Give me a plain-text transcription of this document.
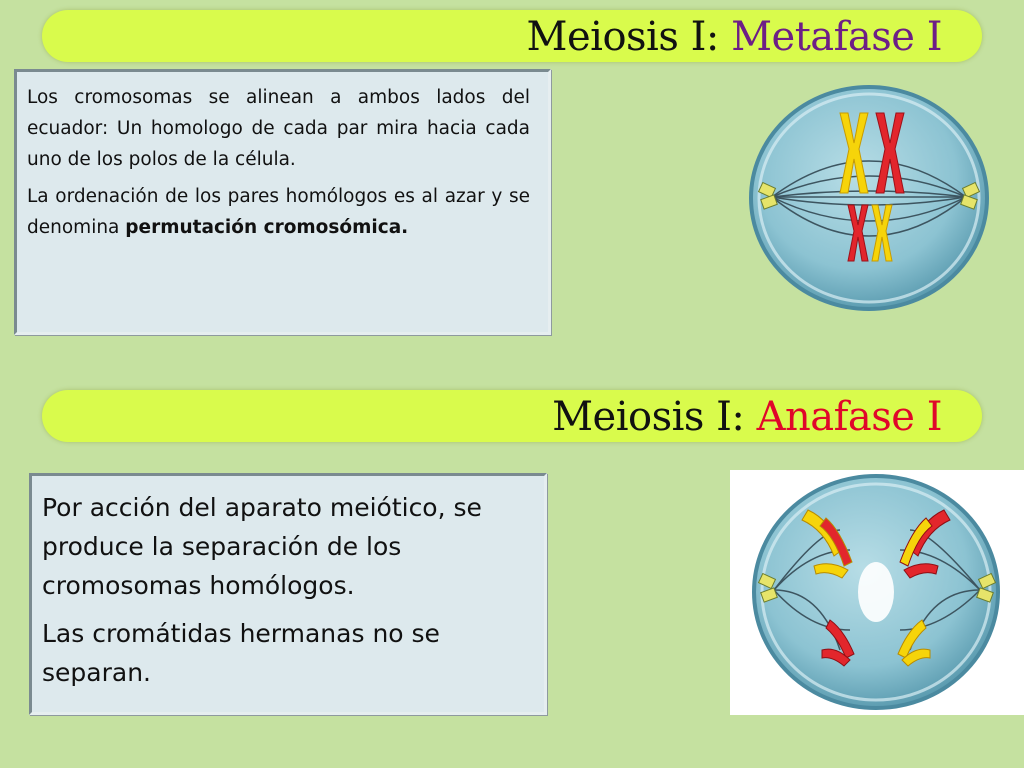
Meiosis I: Metafase I

Los cromosomas se alinean a ambos lados del ecuador: Un homologo de cada par mira hacia cada uno de los polos de la célula.

La ordenación de los pares homólogos es al azar y se denomina permutación cromosómica.

Meiosis I: Anafase I

Por acción del aparato meiótico, se produce la separación de los cromosomas homólogos.

Las cromátidas hermanas no se separan.
